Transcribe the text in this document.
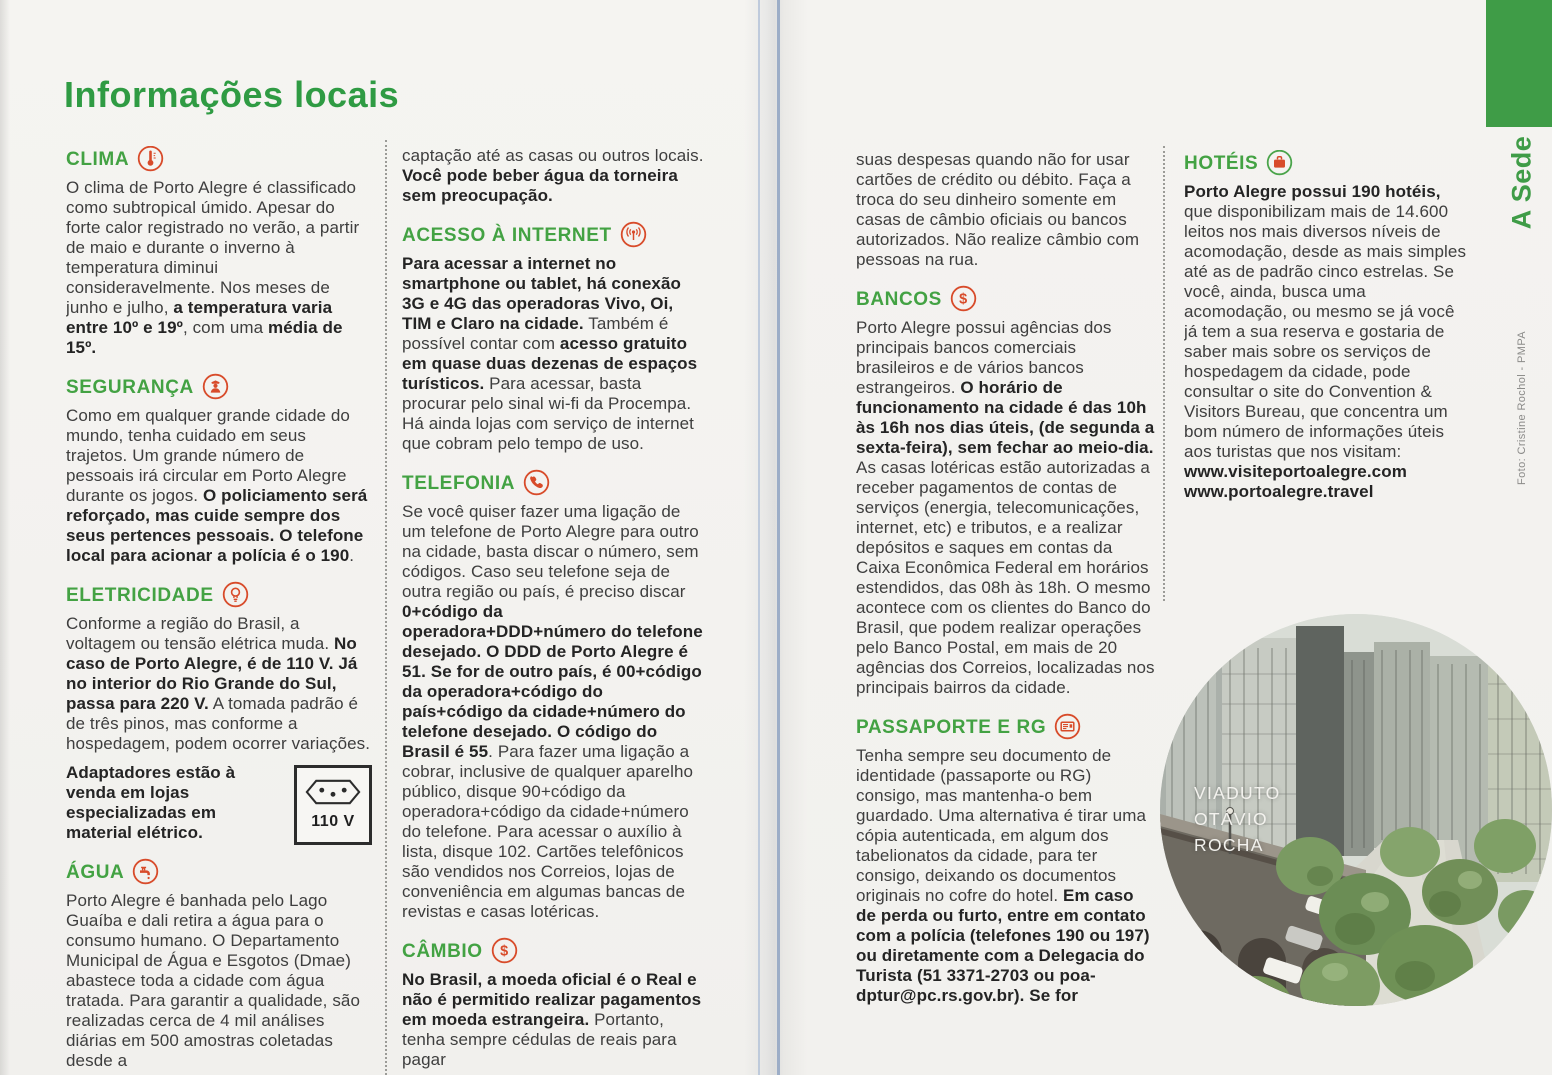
Informações locais
CLIMA

O clima de Porto Alegre é classificado como subtropical úmido. Apesar do forte calor registrado no verão, a partir de maio e durante o inverno à temperatura diminui consideravelmente. Nos meses de junho e julho, a temperatura varia entre 10º e 19º, com uma média de 15º.

SEGURANÇA

Como em qualquer grande cidade do mundo, tenha cuidado em seus trajetos. Um grande número de pessoais irá circular em Porto Alegre durante os jogos. O policiamento será reforçado, mas cuide sempre dos seus pertences pessoais. O telefone local para acionar a polícia é o 190.

ELETRICIDADE

Conforme a região do Brasil, a voltagem ou tensão elétrica muda. No caso de Porto Alegre, é de 110 V. Já no interior do Rio Grande do Sul, passa para 220 V. A tomada padrão é de três pinos, mas conforme a hospedagem, podem ocorrer variações.

110 V
Adaptadores estão à venda em lojas especializadas em material elétrico.

ÁGUA

Porto Alegre é banhada pelo Lago Guaíba e dali retira a água para o consumo humano. O Departamento Municipal de Água e Esgotos (Dmae) abastece toda a cidade com água tratada. Para garantir a qualidade, são realizadas cerca de 4 mil análises diárias em 500 amostras coletadas desde a

captação até as casas ou outros locais. Você pode beber água da torneira sem preocupação.

ACESSO À INTERNET

Para acessar a internet no smartphone ou tablet, há conexão 3G e 4G das operadoras Vivo, Oi, TIM e Claro na cidade. Também é possível contar com acesso gratuito em quase duas dezenas de espaços turísticos. Para acessar, basta procurar pelo sinal wi-fi da Procempa. Há ainda lojas com serviço de internet que cobram pelo tempo de uso.

TELEFONIA

Se você quiser fazer uma ligação de um telefone de Porto Alegre para outro na cidade, basta discar o número, sem códigos. Caso seu telefone seja de outra região ou país, é preciso discar 0+código da operadora+DDD+número do telefone desejado. O DDD de Porto Alegre é 51. Se for de outro país, é 00+código da operadora+código do país+código da cidade+número do telefone desejado. O código do Brasil é 55. Para fazer uma ligação a cobrar, inclusive de qualquer aparelho público, disque 90+código da operadora+código da cidade+número do telefone. Para acessar o auxílio à lista, disque 102. Cartões telefônicos são vendidos nos Correios, lojas de conveniência em algumas bancas de revistas e casas lotéricas.

CÂMBIO $

No Brasil, a moeda oficial é o Real e não é permitido realizar pagamentos em moeda estrangeira. Portanto, tenha sempre cédulas de reais para pagar

suas despesas quando não for usar cartões de crédito ou débito. Faça a troca do seu dinheiro somente em casas de câmbio oficiais ou bancos autorizados. Não realize câmbio com pessoas na rua.

BANCOS $

Porto Alegre possui agências dos principais bancos comerciais brasileiros e de vários bancos estrangeiros. O horário de funcionamento na cidade é das 10h às 16h nos dias úteis, (de segunda a sexta-feira), sem fechar ao meio-dia. As casas lotéricas estão autorizadas a receber pagamentos de contas de serviços (energia, telecomunicações, internet, etc) e tributos, e a realizar depósitos e saques em contas da Caixa Econômica Federal em horários estendidos, das 08h às 18h. O mesmo acontece com os clientes do Banco do Brasil, que podem realizar operações pelo Banco Postal, em mais de 20 agências dos Correios, localizadas nos principais bairros da cidade.

PASSAPORTE E RG

Tenha sempre seu documento de identidade (passaporte ou RG) consigo, mas mantenha-o bem guardado. Uma alternativa é tirar uma cópia autenticada, em algum dos tabelionatos da cidade, para ter consigo, deixando os documentos originais no cofre do hotel. Em caso de perda ou furto, entre em contato com a polícia (telefones 190 ou 197) ou diretamente com a Delegacia do Turista (51 3371-2703 ou poa-dptur@pc.rs.gov.br). Se for

HOTÉIS

Porto Alegre possui 190 hotéis, que disponibilizam mais de 14.600 leitos nos mais diversos níveis de acomodação, desde as mais simples até as de padrão cinco estrelas. Se você, ainda, busca uma acomodação, ou mesmo se já você já tem a sua reserva e gostaria de saber mais sobre os serviços de hospedagem da cidade, pode consultar o site do Convention & Visitors Bureau, que concentra um bom número de informações úteis aos turistas que nos visitam:
www.visiteportoalegre.com
www.portoalegre.travel

A Sede
Foto: Cristine Rochol - PMPA
VIADUTO
OTÁVIO
ROCHA
